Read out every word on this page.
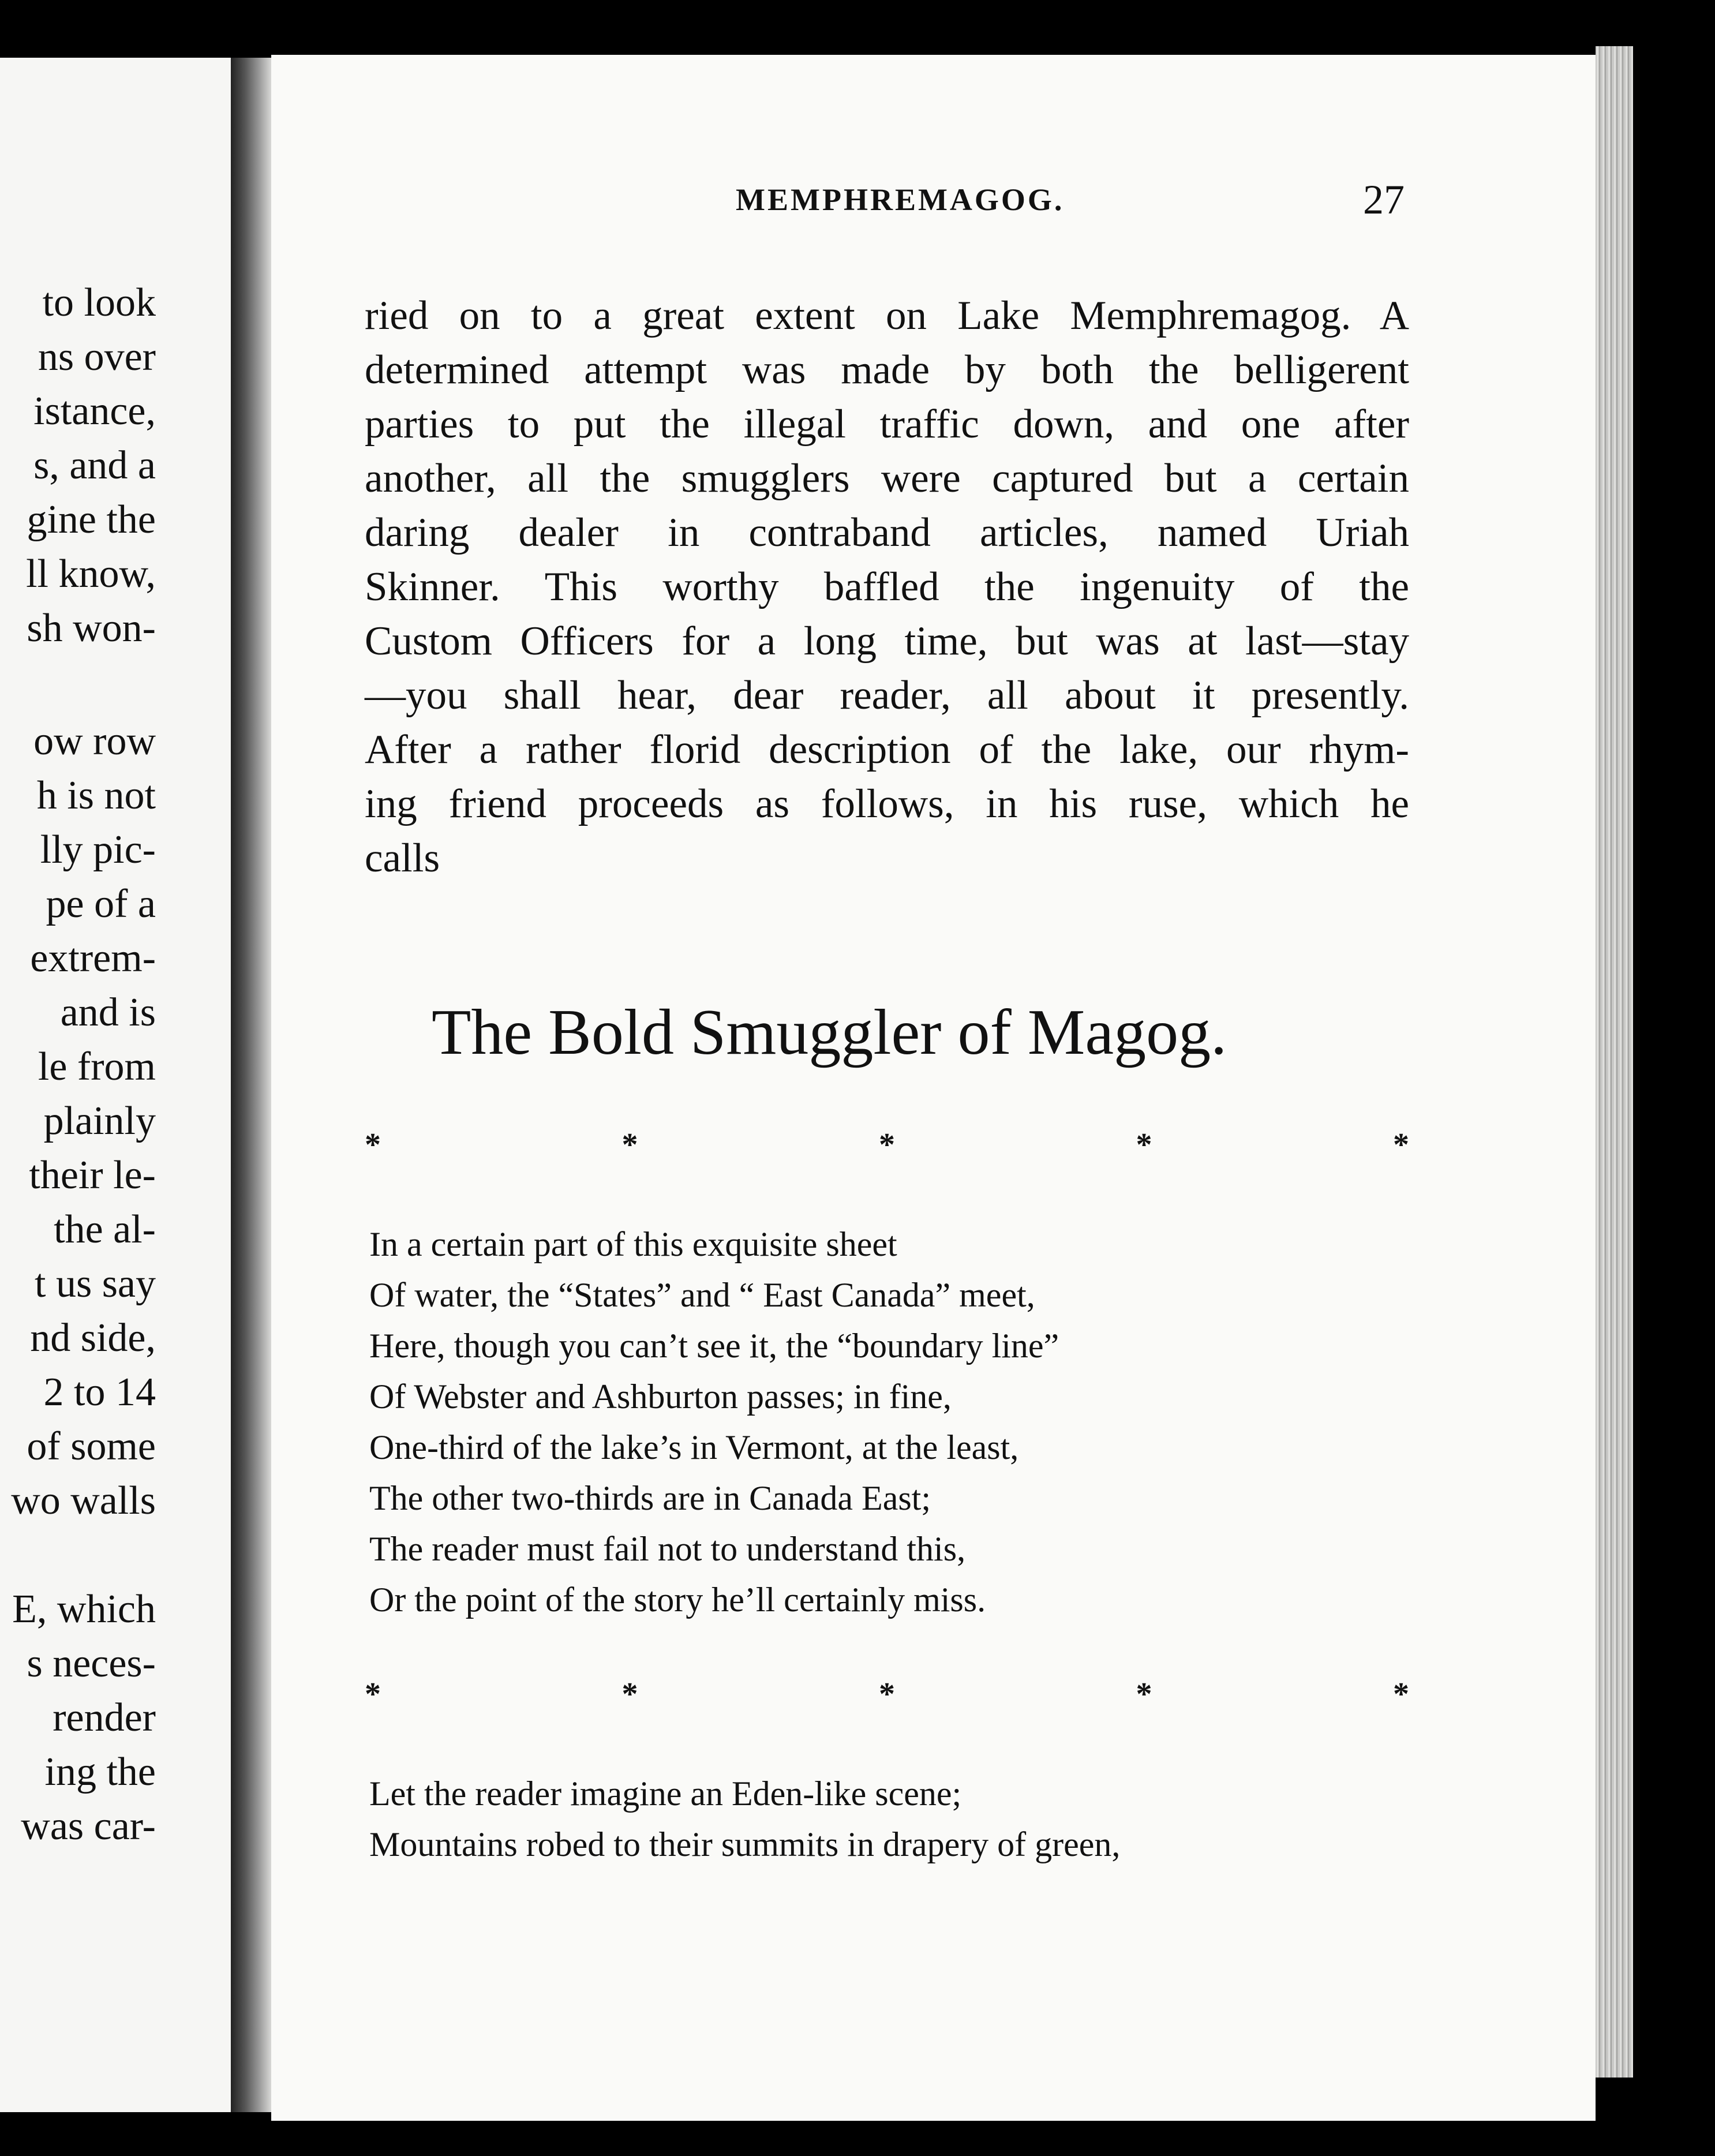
to look
ns over
istance,
s, and a
gine the
ll know,
sh won-
ow row
h is not
lly pic-
pe of a
extrem-
and is
le from
plainly
their le-
the al-
t us say
nd side,
2 to 14
of some
wo walls
E, which
s neces-
render
ing the
was car-
MEMPHREMAGOG.	27
ried on to a great extent on Lake Memphremagog. A
determined attempt was made by both the belligerent
parties to put the illegal traffic down, and one after
another, all the smugglers were captured but a certain
daring dealer in contraband articles, named Uriah
Skinner. This worthy baffled the ingenuity of the
Custom Officers for a long time, but was at last—stay
—you shall hear, dear reader, all about it presently.
After a rather florid description of the lake, our rhym-
ing friend proceeds as follows, in his ruse, which he
calls
The Bold Smuggler of Magog.
*	*	*	*	*
In a certain part of this exquisite sheet
Of water, the “States” and “ East Canada” meet,
Here, though you can’t see it, the “boundary line”
Of Webster and Ashburton passes; in fine,
One-third of the lake’s in Vermont, at the least,
The other two-thirds are in Canada East;
The reader must fail not to understand this,
Or the point of the story he’ll certainly miss.
*	*	*	*	*
Let the reader imagine an Eden-like scene;
Mountains robed to their summits in drapery of green,
